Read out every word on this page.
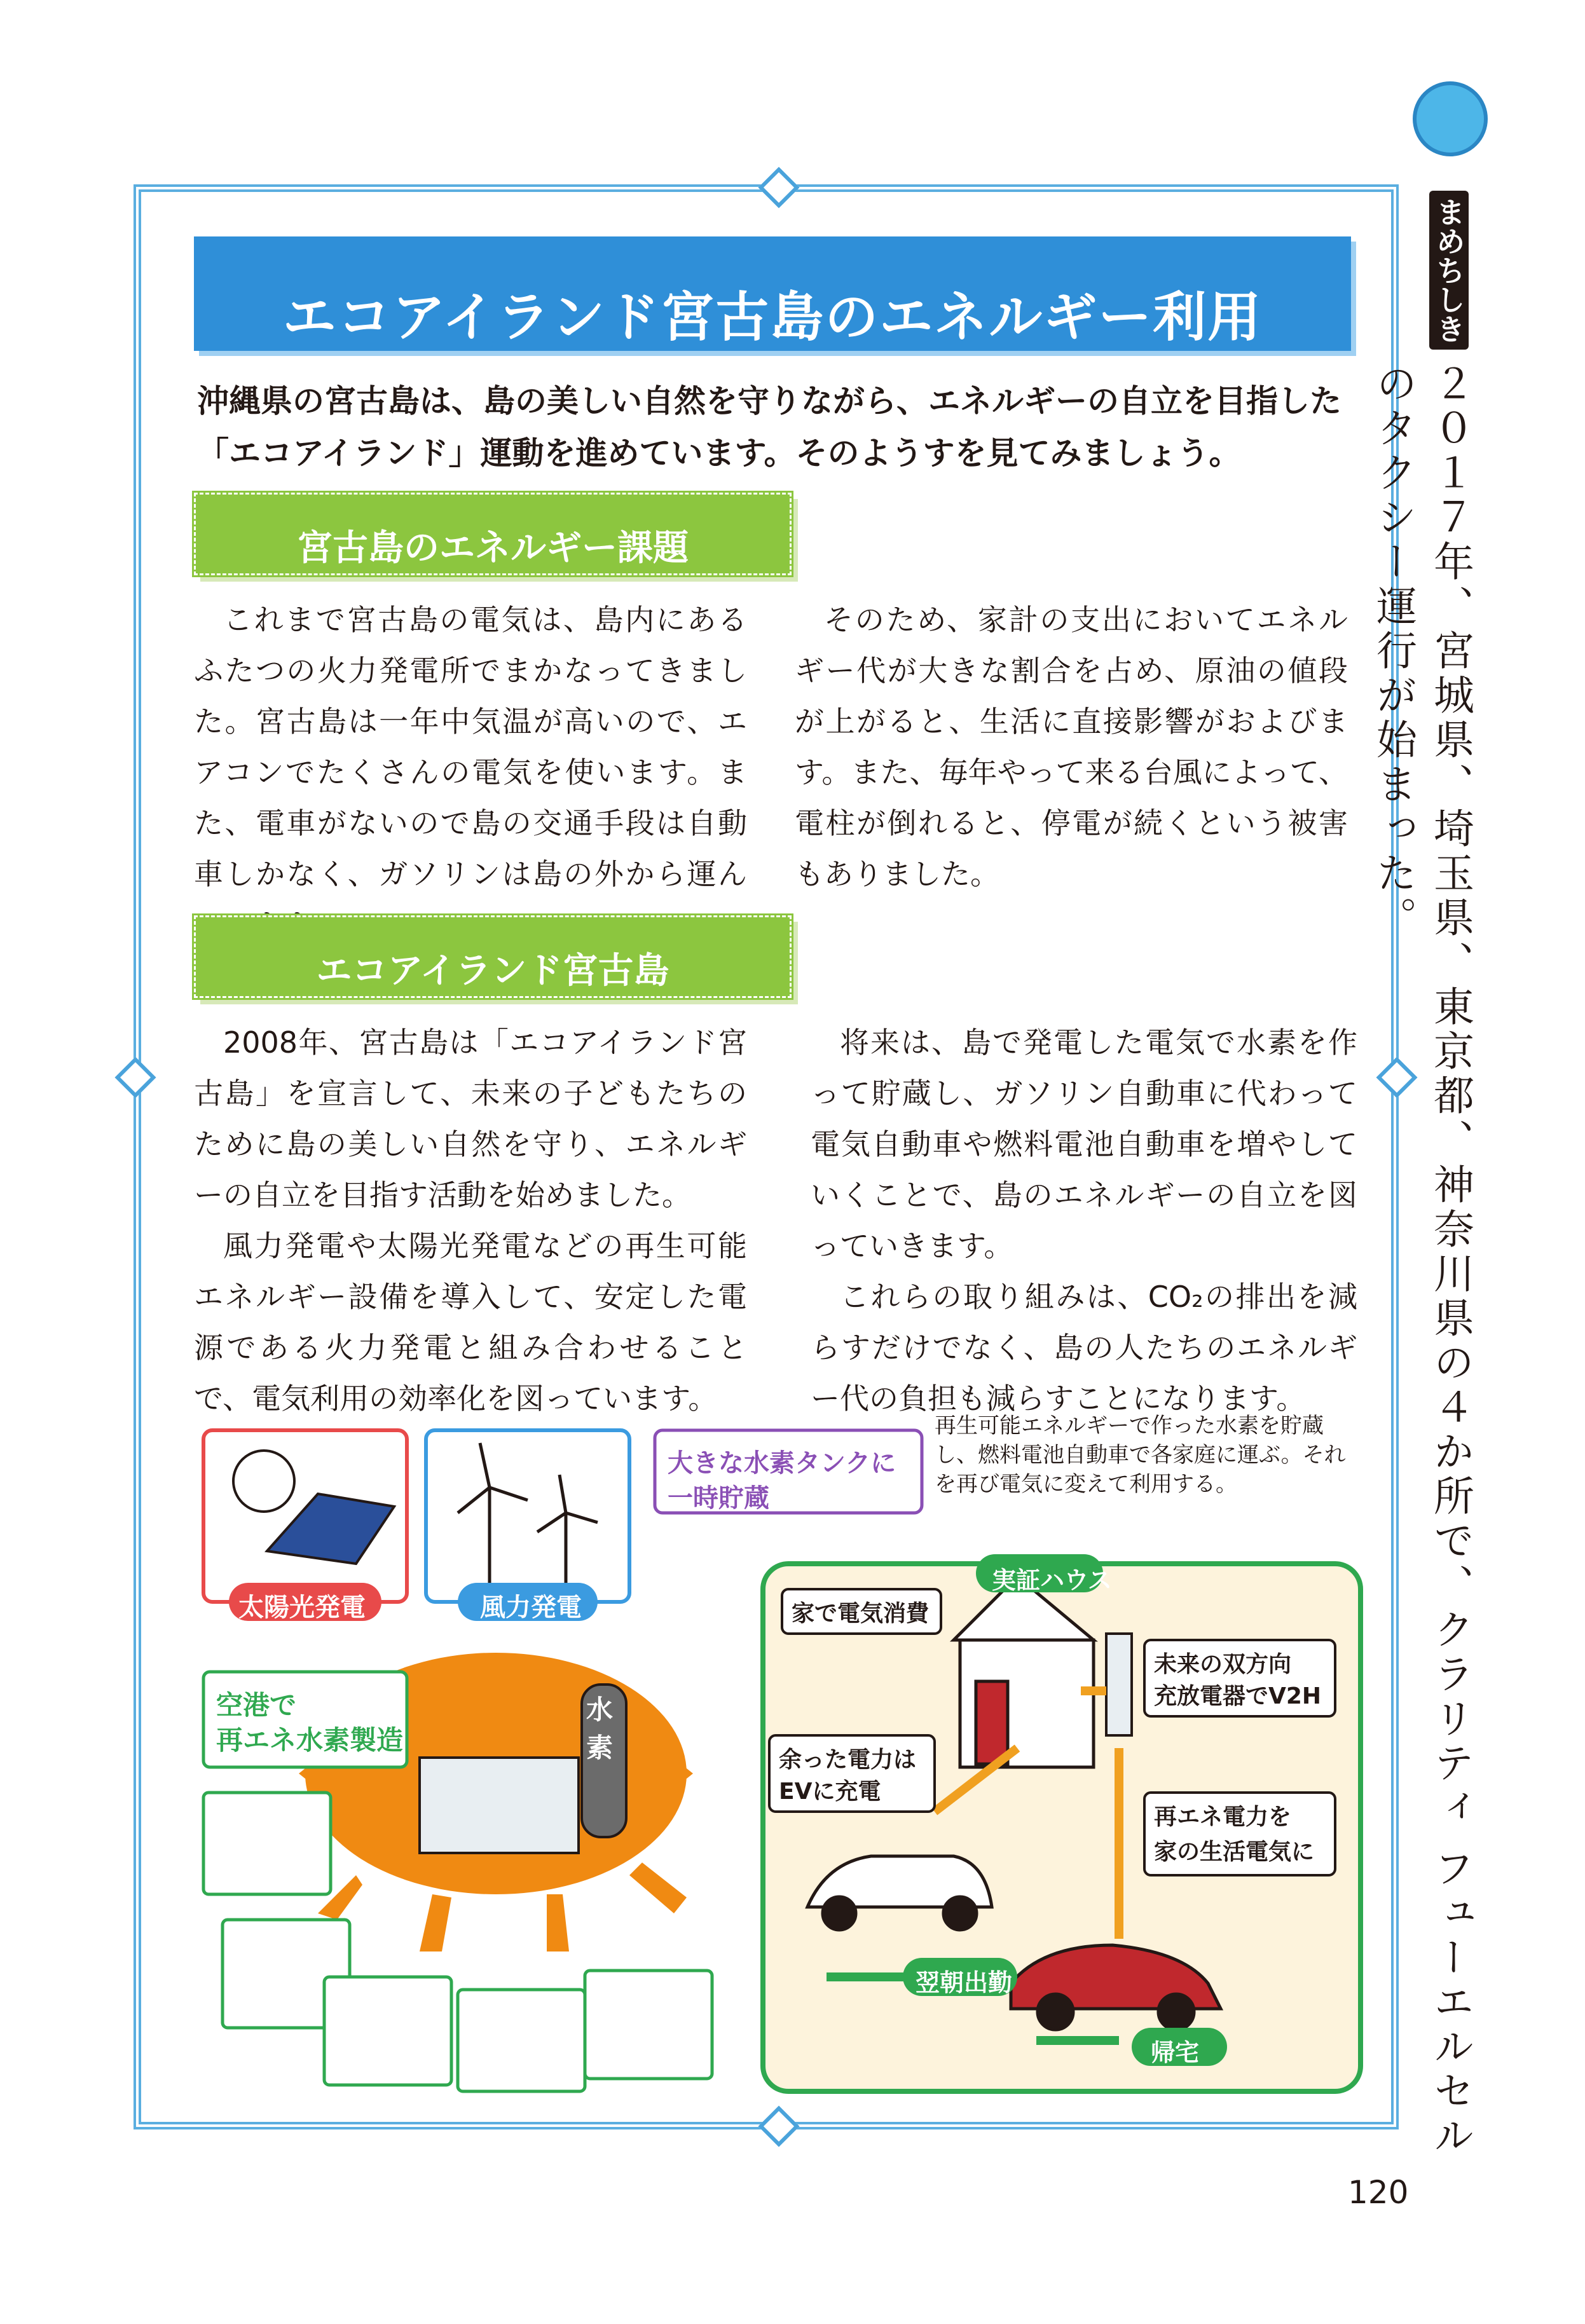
エコアイランド宮古島のエネルギー利用
沖縄県の宮古島は、島の美しい自然を守りながら、エネルギーの自立を目指した「エコアイランド」運動を進めています。そのようすを見てみましょう。
宮古島のエネルギー課題

これまで宮古島の電気は、島内にあるふたつの火力発電所でまかなってきました。宮古島は一年中気温が高いので、エアコンでたくさんの電気を使います。また、電車がないので島の交通手段は自動車しかなく、ガソリンは島の外から運ん

そのため、家計の支出においてエネルギー代が大きな割合を占め、原油の値段が上がると、生活に直接影響がおよびます。また、毎年やって来る台風によって、電柱が倒れると、停電が続くという被害もありました。

エコアイランド宮古島

2008年、宮古島は「エコアイランド宮古島」を宣言して、未来の子どもたちのために島の美しい自然を守り、エネルギーの自立を目指す活動を始めました。

風力発電や太陽光発電などの再生可能エネルギー設備を導入して、安定した電源である火力発電と組み合わせることで、電気利用の効率化を図っています。

将来は、島で発電した電気で水素を作って貯蔵し、ガソリン自動車に代わって電気自動車や燃料電池自動車を増やしていくことで、島のエネルギーの自立を図っていきます。

これらの取り組みは、CO₂の排出を減らすだけでなく、島の人たちのエネルギー代の負担も減らすことになります。

太陽光発電	風力発電
空港で
再エネ水素製造
大きな水素タンクに
一時貯蔵
水素
再生可能エネルギーで作った水素を貯蔵し、燃料電池自動車で各家庭に運ぶ。それを再び電気に変えて利用する。
実証ハウス
家で電気消費
未来の双方向
充放電器でV2H
余った電力は
EVに充電
再エネ電力を
家の生活電気に
翌朝出勤
帰宅
まめちしき
２０１７年、宮城県、埼玉県、東京都、神奈川県の４か所で、クラリティ フューエルセルのタクシー運行が始まった。
120
